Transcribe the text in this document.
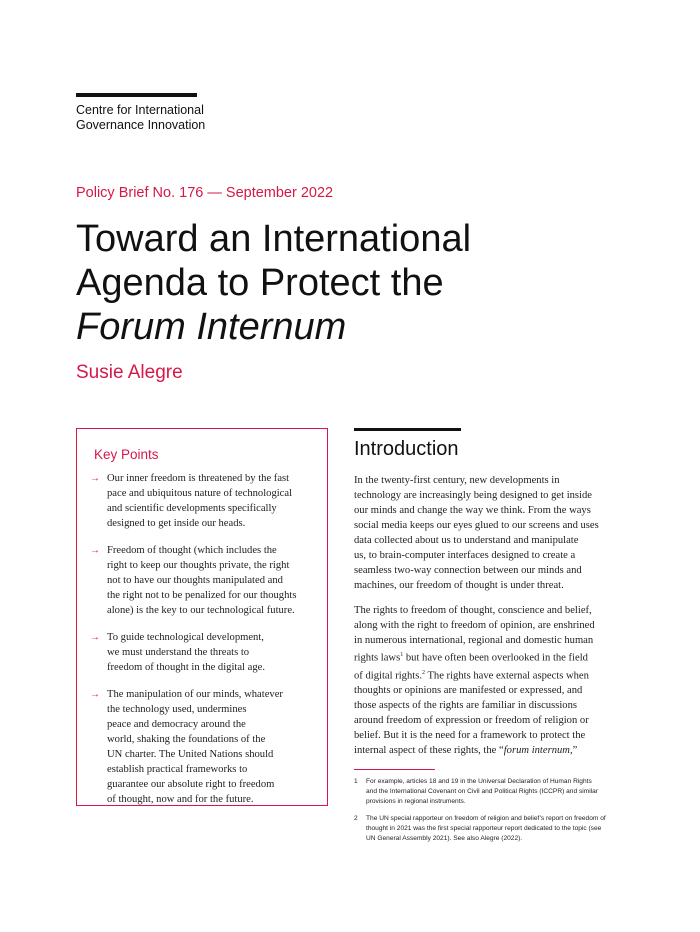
Centre for International
Governance Innovation
Policy Brief No. 176 — September 2022
Toward an International
Agenda to Protect the
Forum Internum
Susie Alegre
Key Points
→ Our inner freedom is threatened by the fast
pace and ubiquitous nature of technological
and scientific developments specifically
designed to get inside our heads.
→ Freedom of thought (which includes the
right to keep our thoughts private, the right
not to have our thoughts manipulated and
the right not to be penalized for our thoughts
alone) is the key to our technological future.
→ To guide technological development,
we must understand the threats to
freedom of thought in the digital age.
→ The manipulation of our minds, whatever
the technology used, undermines
peace and democracy around the
world, shaking the foundations of the
UN charter. The United Nations should
establish practical frameworks to
guarantee our absolute right to freedom
of thought, now and for the future.
Introduction
In the twenty-first century, new developments in
technology are increasingly being designed to get inside
our minds and change the way we think. From the ways
social media keeps our eyes glued to our screens and uses
data collected about us to understand and manipulate
us, to brain-computer interfaces designed to create a
seamless two-way connection between our minds and
machines, our freedom of thought is under threat.
The rights to freedom of thought, conscience and belief,
along with the right to freedom of opinion, are enshrined
in numerous international, regional and domestic human
rights laws$^1$ but have often been overlooked in the field
of digital rights.$^2$ The rights have external aspects when
thoughts or opinions are manifested or expressed, and
those aspects of the rights are familiar in discussions
around freedom of expression or freedom of religion or
belief. But it is the need for a framework to protect the
internal aspect of these rights, the “forum internum,”
1 For example, articles 18 and 19 in the Universal Declaration of Human Rights
and the International Covenant on Civil and Political Rights (ICCPR) and similar
provisions in regional instruments.
2 The UN special rapporteur on freedom of religion and belief’s report on freedom of
thought in 2021 was the first special rapporteur report dedicated to the topic (see
UN General Assembly 2021). See also Alegre (2022).
